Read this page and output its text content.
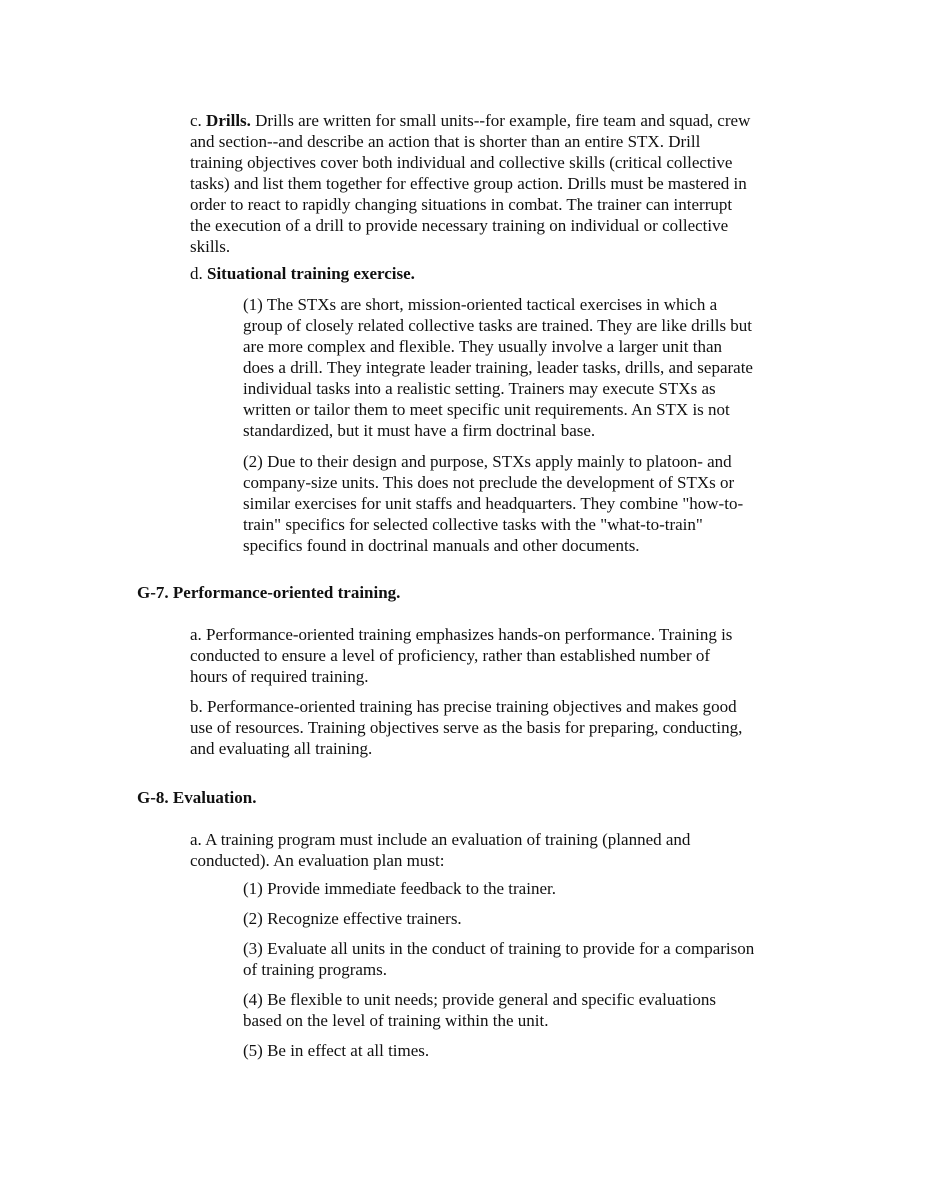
c. Drills. Drills are written for small units--for example, fire team and squad, crew
and section--and describe an action that is shorter than an entire STX. Drill
training objectives cover both individual and collective skills (critical collective
tasks) and list them together for effective group action. Drills must be mastered in
order to react to rapidly changing situations in combat. The trainer can interrupt
the execution of a drill to provide necessary training on individual or collective
skills.
d. Situational training exercise.
(1) The STXs are short, mission-oriented tactical exercises in which a
group of closely related collective tasks are trained. They are like drills but
are more complex and flexible. They usually involve a larger unit than
does a drill. They integrate leader training, leader tasks, drills, and separate
individual tasks into a realistic setting. Trainers may execute STXs as
written or tailor them to meet specific unit requirements. An STX is not
standardized, but it must have a firm doctrinal base.
(2) Due to their design and purpose, STXs apply mainly to platoon- and
company-size units. This does not preclude the development of STXs or
similar exercises for unit staffs and headquarters. They combine "how-to-
train" specifics for selected collective tasks with the "what-to-train"
specifics found in doctrinal manuals and other documents.
G-7. Performance-oriented training.
a. Performance-oriented training emphasizes hands-on performance. Training is
conducted to ensure a level of proficiency, rather than established number of
hours of required training.
b. Performance-oriented training has precise training objectives and makes good
use of resources. Training objectives serve as the basis for preparing, conducting,
and evaluating all training.
G-8. Evaluation.
a. A training program must include an evaluation of training (planned and
conducted). An evaluation plan must:
(1) Provide immediate feedback to the trainer.
(2) Recognize effective trainers.
(3) Evaluate all units in the conduct of training to provide for a comparison
of training programs.
(4) Be flexible to unit needs; provide general and specific evaluations
based on the level of training within the unit.
(5) Be in effect at all times.
